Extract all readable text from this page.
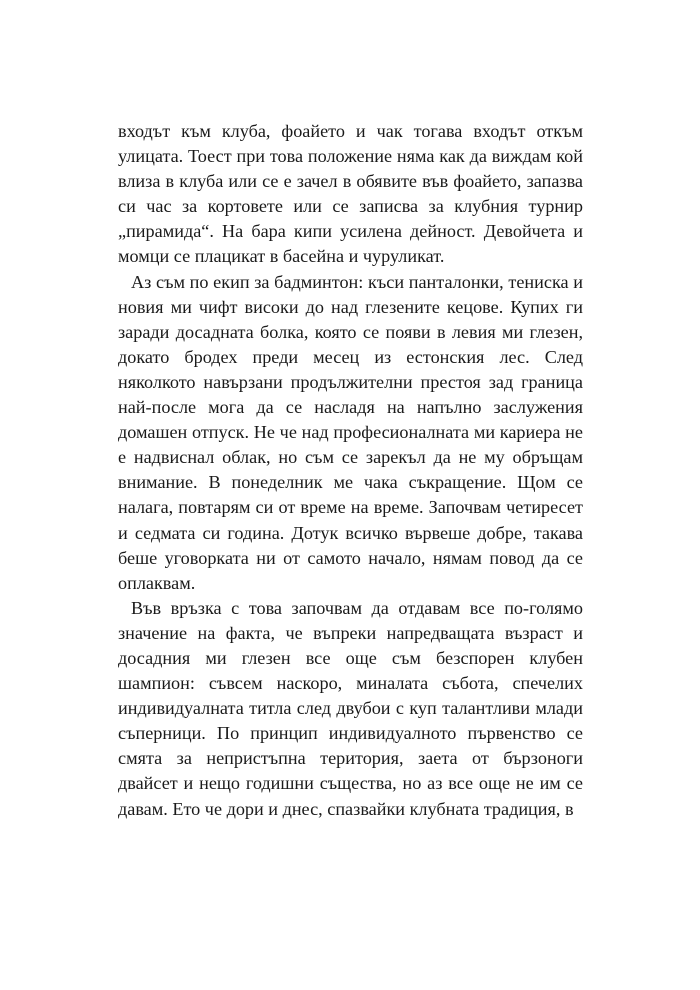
входът към клуба, фоайето и чак тогава входът откъм улицата. Тоест при това положение няма как да виждам кой влиза в клуба или се е зачел в обявите във фоайето, запазва си час за кортовете или се записва за клубния турнир „пирамида“. На бара кипи усилена дейност. Девойчета и момци се плацикат в басейна и чуруликат.

Аз съм по екип за бадминтон: къси панталонки, тениска и новия ми чифт високи до над глезените кецове. Купих ги заради досадната болка, която се появи в левия ми глезен, докато бродех преди месец из естонския лес. След няколкото навързани продължителни престоя зад граница най-после мога да се насладя на напълно заслужения домашен отпуск. Не че над професионалната ми кариера не е надвиснал облак, но съм се зарекъл да не му обръщам внимание. В понеделник ме чака съкращение. Щом се налага, повтарям си от време на време. Започвам четиресет и седмата си година. Дотук всичко вървеше добре, такава беше уговорката ни от самото начало, нямам повод да се оплаквам.

Във връзка с това започвам да отдавам все по-голямо значение на факта, че въпреки напредващата възраст и досадния ми глезен все още съм безспорен клубен шампион: съвсем наскоро, миналата събота, спечелих индивидуалната титла след двубои с куп талантливи млади съперници. По принцип индивидуалното първенство се смята за непристъпна територия, заета от бързоноги двайсет и нещо годишни същества, но аз все още не им се давам. Ето че дори и днес, спазвайки клубната традиция, в
